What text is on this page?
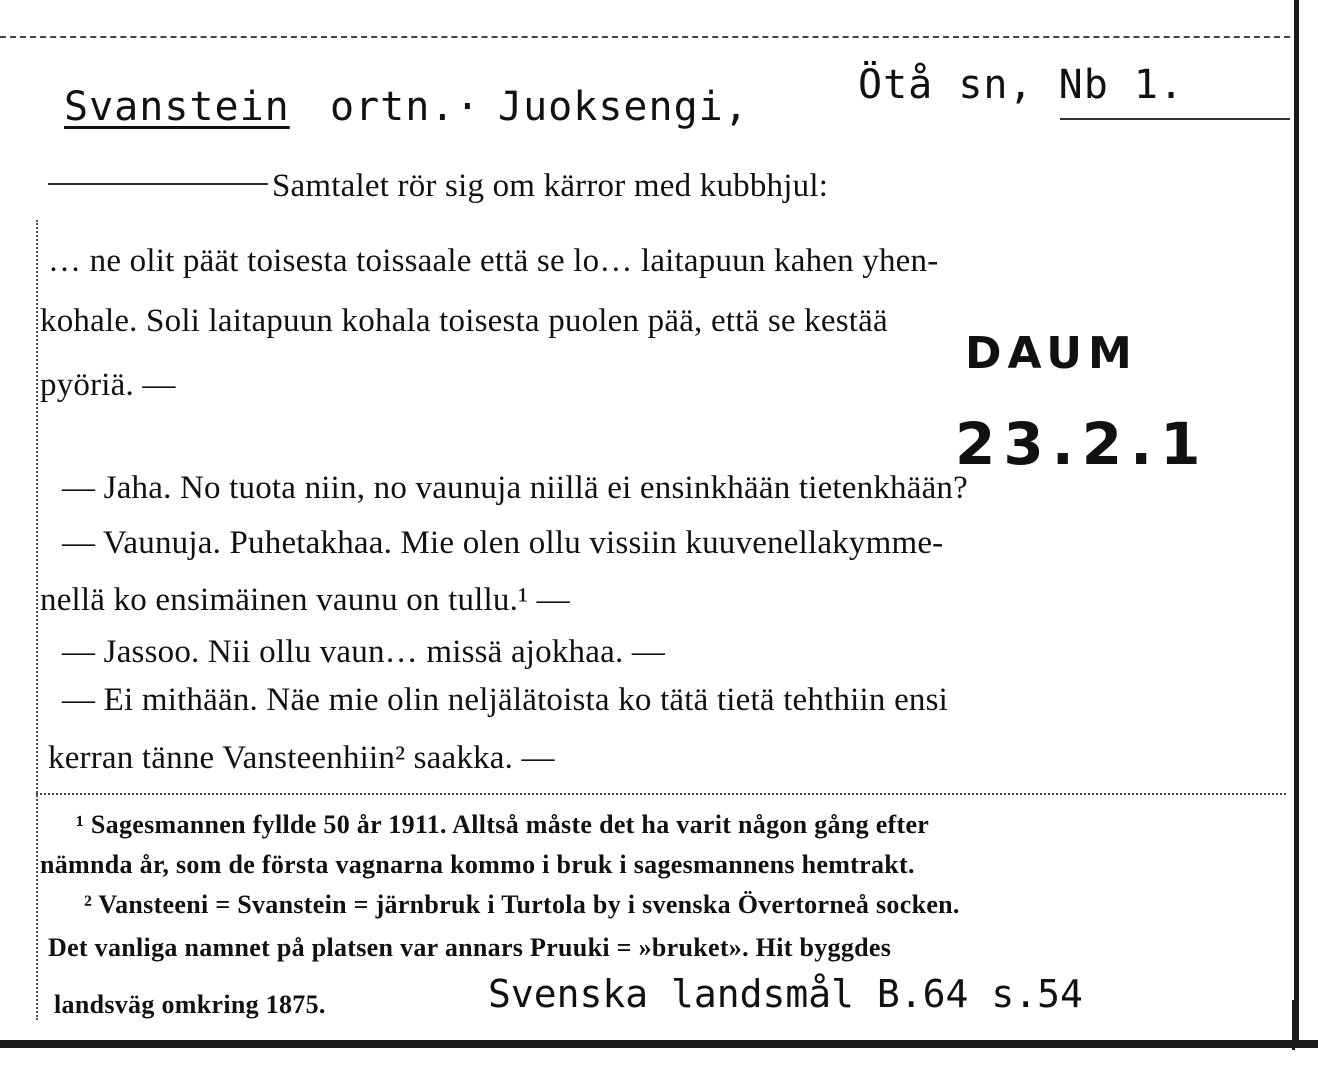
Svanstein ortn.· Juoksengi,	Ötå sn, Nb 1.
Samtalet rör sig om kärror med kubbhjul:
… ne olit päät toisesta toissaale että se lo… laitapuun kahen yhen-
kohale. Soli laitapuun kohala toisesta puolen pää, että se kestää
pyöriä. —
DAUM
23.2.1
— Jaha. No tuota niin, no vaunuja niillä ei ensinkhään tietenkhään?
— Vaunuja. Puhetakhaa. Mie olen ollu vissiin kuuvenellakymme-
nellä ko ensimäinen vaunu on tullu.¹ —
— Jassoo. Nii ollu vaun… missä ajokhaa. —
— Ei mithään. Näe mie olin neljälätoista ko tätä tietä tehthiin ensi
kerran tänne Vansteenhiin² saakka. —
¹ Sagesmannen fyllde 50 år 1911. Alltså måste det ha varit någon gång efter
nämnda år, som de första vagnarna kommo i bruk i sagesmannens hemtrakt.
² Vansteeni = Svanstein = järnbruk i Turtola by i svenska Övertorneå socken.
Det vanliga namnet på platsen var annars Pruuki = »bruket». Hit byggdes
landsväg omkring 1875.	Svenska landsmål B.64 s.54
